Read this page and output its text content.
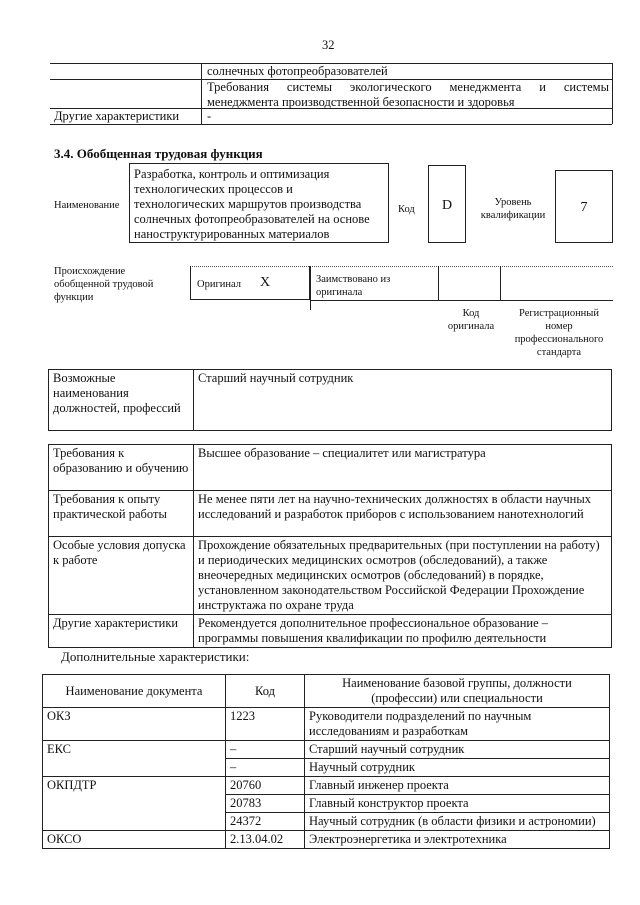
32
солнечных фотопреобразователей
Требования системы экологического менеджмента и системы менеджмента производственной безопасности и здоровья
Другие характеристики -
3.4. Обобщенная трудовая функция
Наименование
Разработка, контроль и оптимизация технологических процессов и технологических маршрутов производства солнечных фотопреобразователей на основе наноструктурированных материалов
Код	D	Уровень квалификации
7
Происхождение обобщенной трудовой функции
Оригинал X	Заимствовано из оригинала
Код оригинала
Регистрационный номер профессионального стандарта
Возможные наименования должностей, профессий	Старший научный сотрудник
Требования к образованию и обучению	Высшее образование – специалитет или магистратура
Требования к опыту практической работы	Не менее пяти лет на научно-технических должностях в области научных исследований и разработок приборов с использованием нанотехнологий
Особые условия допуска к работе	Прохождение обязательных предварительных (при поступлении на работу) и периодических медицинских осмотров (обследований), а также внеочередных медицинских осмотров (обследований) в порядке, установленном законодательством Российской Федерации Прохождение инструктажа по охране труда
Другие характеристики	Рекомендуется дополнительное профессиональное образование – программы повышения квалификации по профилю деятельности
Дополнительные характеристики:
Наименование документа	Код	Наименование базовой группы, должности (профессии) или специальности
ОКЗ	1223	Руководители подразделений по научным исследованиям и разработкам
ЕКС	–	Старший научный сотрудник
	–	Научный сотрудник
ОКПДТР	20760	Главный инженер проекта
	20783	Главный конструктор проекта
	24372	Научный сотрудник (в области физики и астрономии)
ОКСО	2.13.04.02	Электроэнергетика и электротехника
